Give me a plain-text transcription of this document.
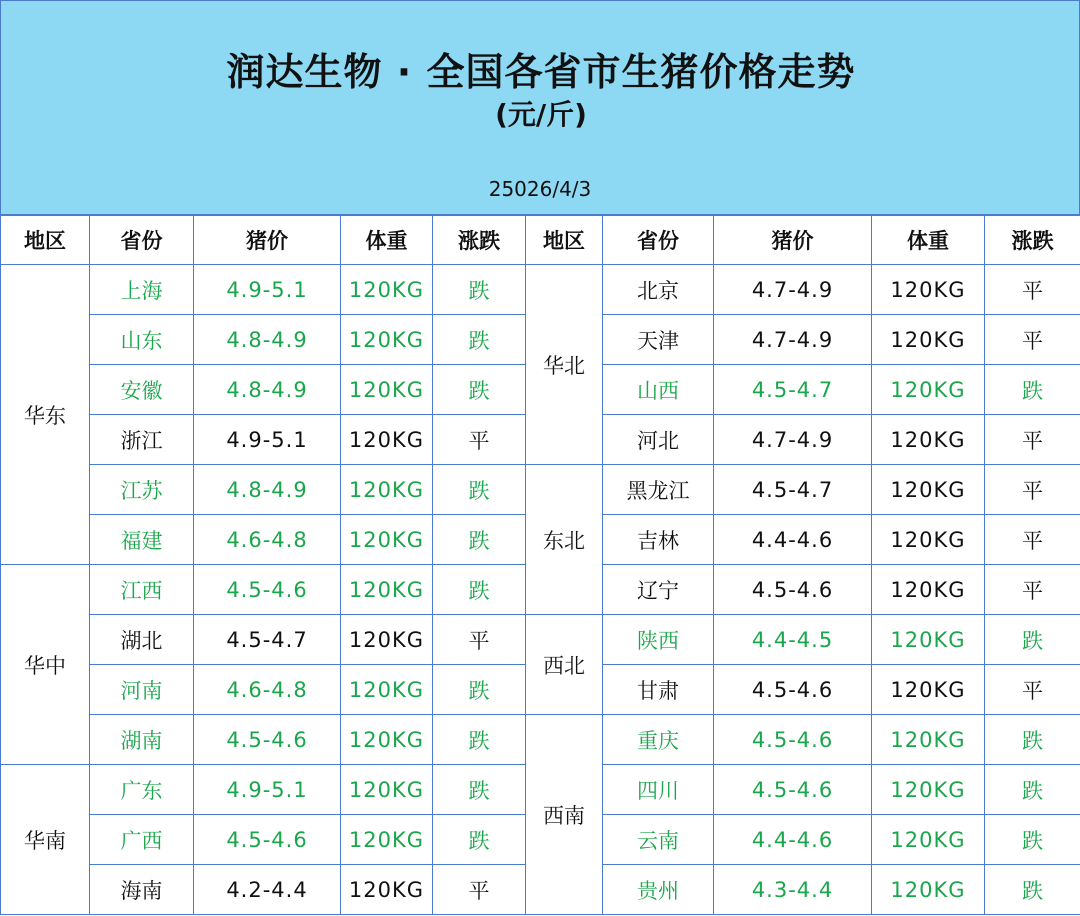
润达生物 · 全国各省市生猪价格走势
(元/斤)
25026/4/3
地区	省份	猪价	体重	涨跌	地区	省份	猪价	体重	涨跌
华东	上海	4.9-5.1	120KG	跌	华北	北京	4.7-4.9	120KG	平
	山东	4.8-4.9	120KG	跌		天津	4.7-4.9	120KG	平
	安徽	4.8-4.9	120KG	跌		山西	4.5-4.7	120KG	跌
	浙江	4.9-5.1	120KG	平		河北	4.7-4.9	120KG	平
	江苏	4.8-4.9	120KG	跌	东北	黑龙江	4.5-4.7	120KG	平
	福建	4.6-4.8	120KG	跌		吉林	4.4-4.6	120KG	平
华中	江西	4.5-4.6	120KG	跌		辽宁	4.5-4.6	120KG	平
	湖北	4.5-4.7	120KG	平	西北	陕西	4.4-4.5	120KG	跌
	河南	4.6-4.8	120KG	跌		甘肃	4.5-4.6	120KG	平
	湖南	4.5-4.6	120KG	跌	西南	重庆	4.5-4.6	120KG	跌
华南	广东	4.9-5.1	120KG	跌		四川	4.5-4.6	120KG	跌
	广西	4.5-4.6	120KG	跌		云南	4.4-4.6	120KG	跌
	海南	4.2-4.4	120KG	平		贵州	4.3-4.4	120KG	跌
